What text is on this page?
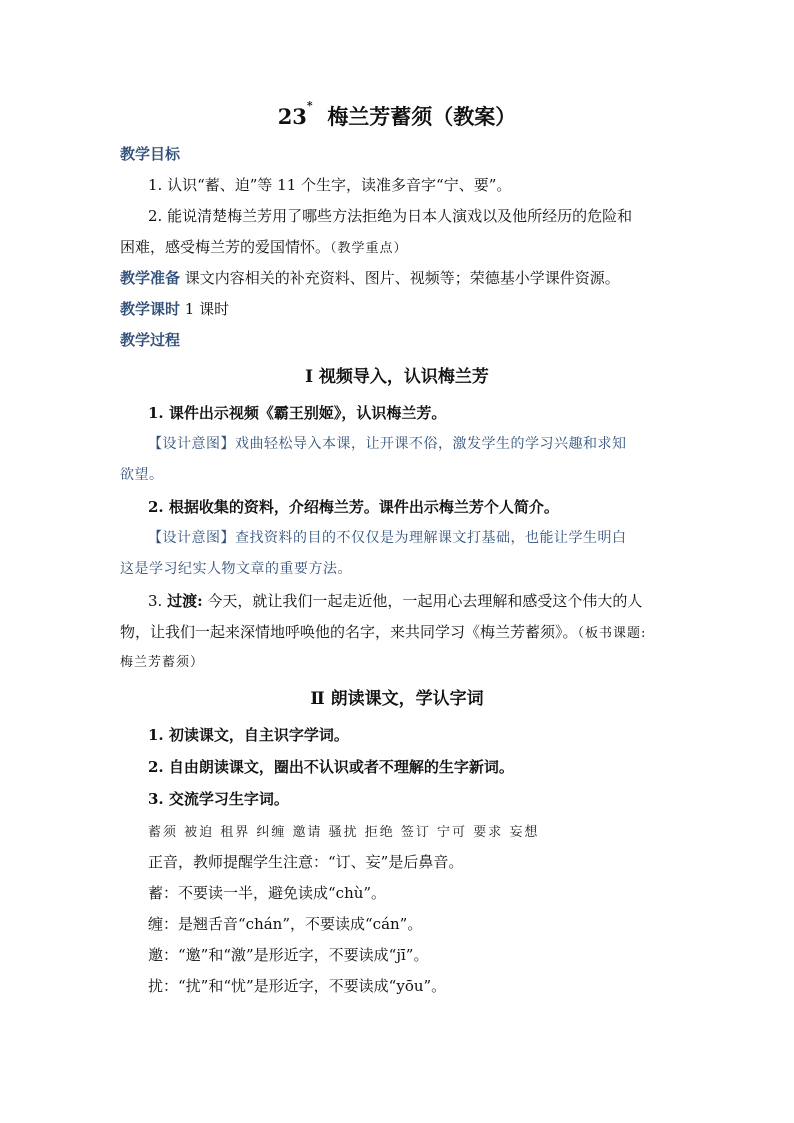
23* 梅兰芳蓄须（教案）
教学目标
1. 认识“蓄、迫”等 11 个生字，读准多音字“宁、要”。
2. 能说清楚梅兰芳用了哪些方法拒绝为日本人演戏以及他所经历的危险和
困难，感受梅兰芳的爱国情怀。（教学重点）
教学准备 课文内容相关的补充资料、图片、视频等；荣德基小学课件资源。
教学课时 1 课时
教学过程
Ⅰ 视频导入，认识梅兰芳
1. 课件出示视频《霸王别姬》，认识梅兰芳。
【设计意图】戏曲轻松导入本课，让开课不俗，激发学生的学习兴趣和求知
欲望。
2. 根据收集的资料，介绍梅兰芳。课件出示梅兰芳个人简介。
【设计意图】查找资料的目的不仅仅是为理解课文打基础，也能让学生明白
这是学习纪实人物文章的重要方法。
3. 过渡: 今天，就让我们一起走近他，一起用心去理解和感受这个伟大的人
物，让我们一起来深情地呼唤他的名字，来共同学习《梅兰芳蓄须》。（板书课题:
梅兰芳蓄须）
Ⅱ 朗读课文，学认字词
1. 初读课文，自主识字学词。
2. 自由朗读课文，圈出不认识或者不理解的生字新词。
3. 交流学习生字词。
蓄须 被迫 租界 纠缠 邀请 骚扰 拒绝 签订 宁可 要求 妄想
正音，教师提醒学生注意：“订、妄”是后鼻音。
蓄：不要读一半，避免读成“chù”。
缠：是翘舌音“chán”，不要读成“cán”。
邀：“邀”和“激”是形近字，不要读成“jī”。
扰：“扰”和“忧”是形近字，不要读成“yōu”。
